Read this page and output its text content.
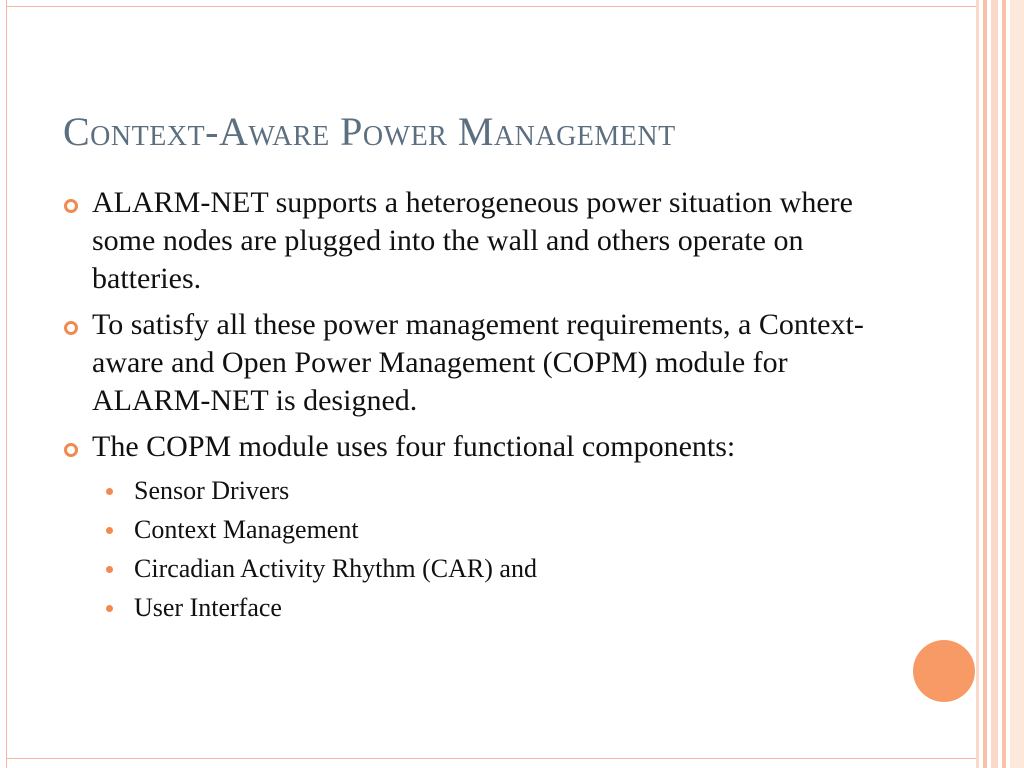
Context-Aware Power Management
ALARM-NET supports a heterogeneous power situation where some nodes are plugged into the wall and others operate on batteries.
To satisfy all these power management requirements, a Context-aware and Open Power Management (COPM) module for ALARM-NET is designed.
The COPM module uses four functional components:
Sensor Drivers
Context Management
Circadian Activity Rhythm (CAR) and
User Interface
